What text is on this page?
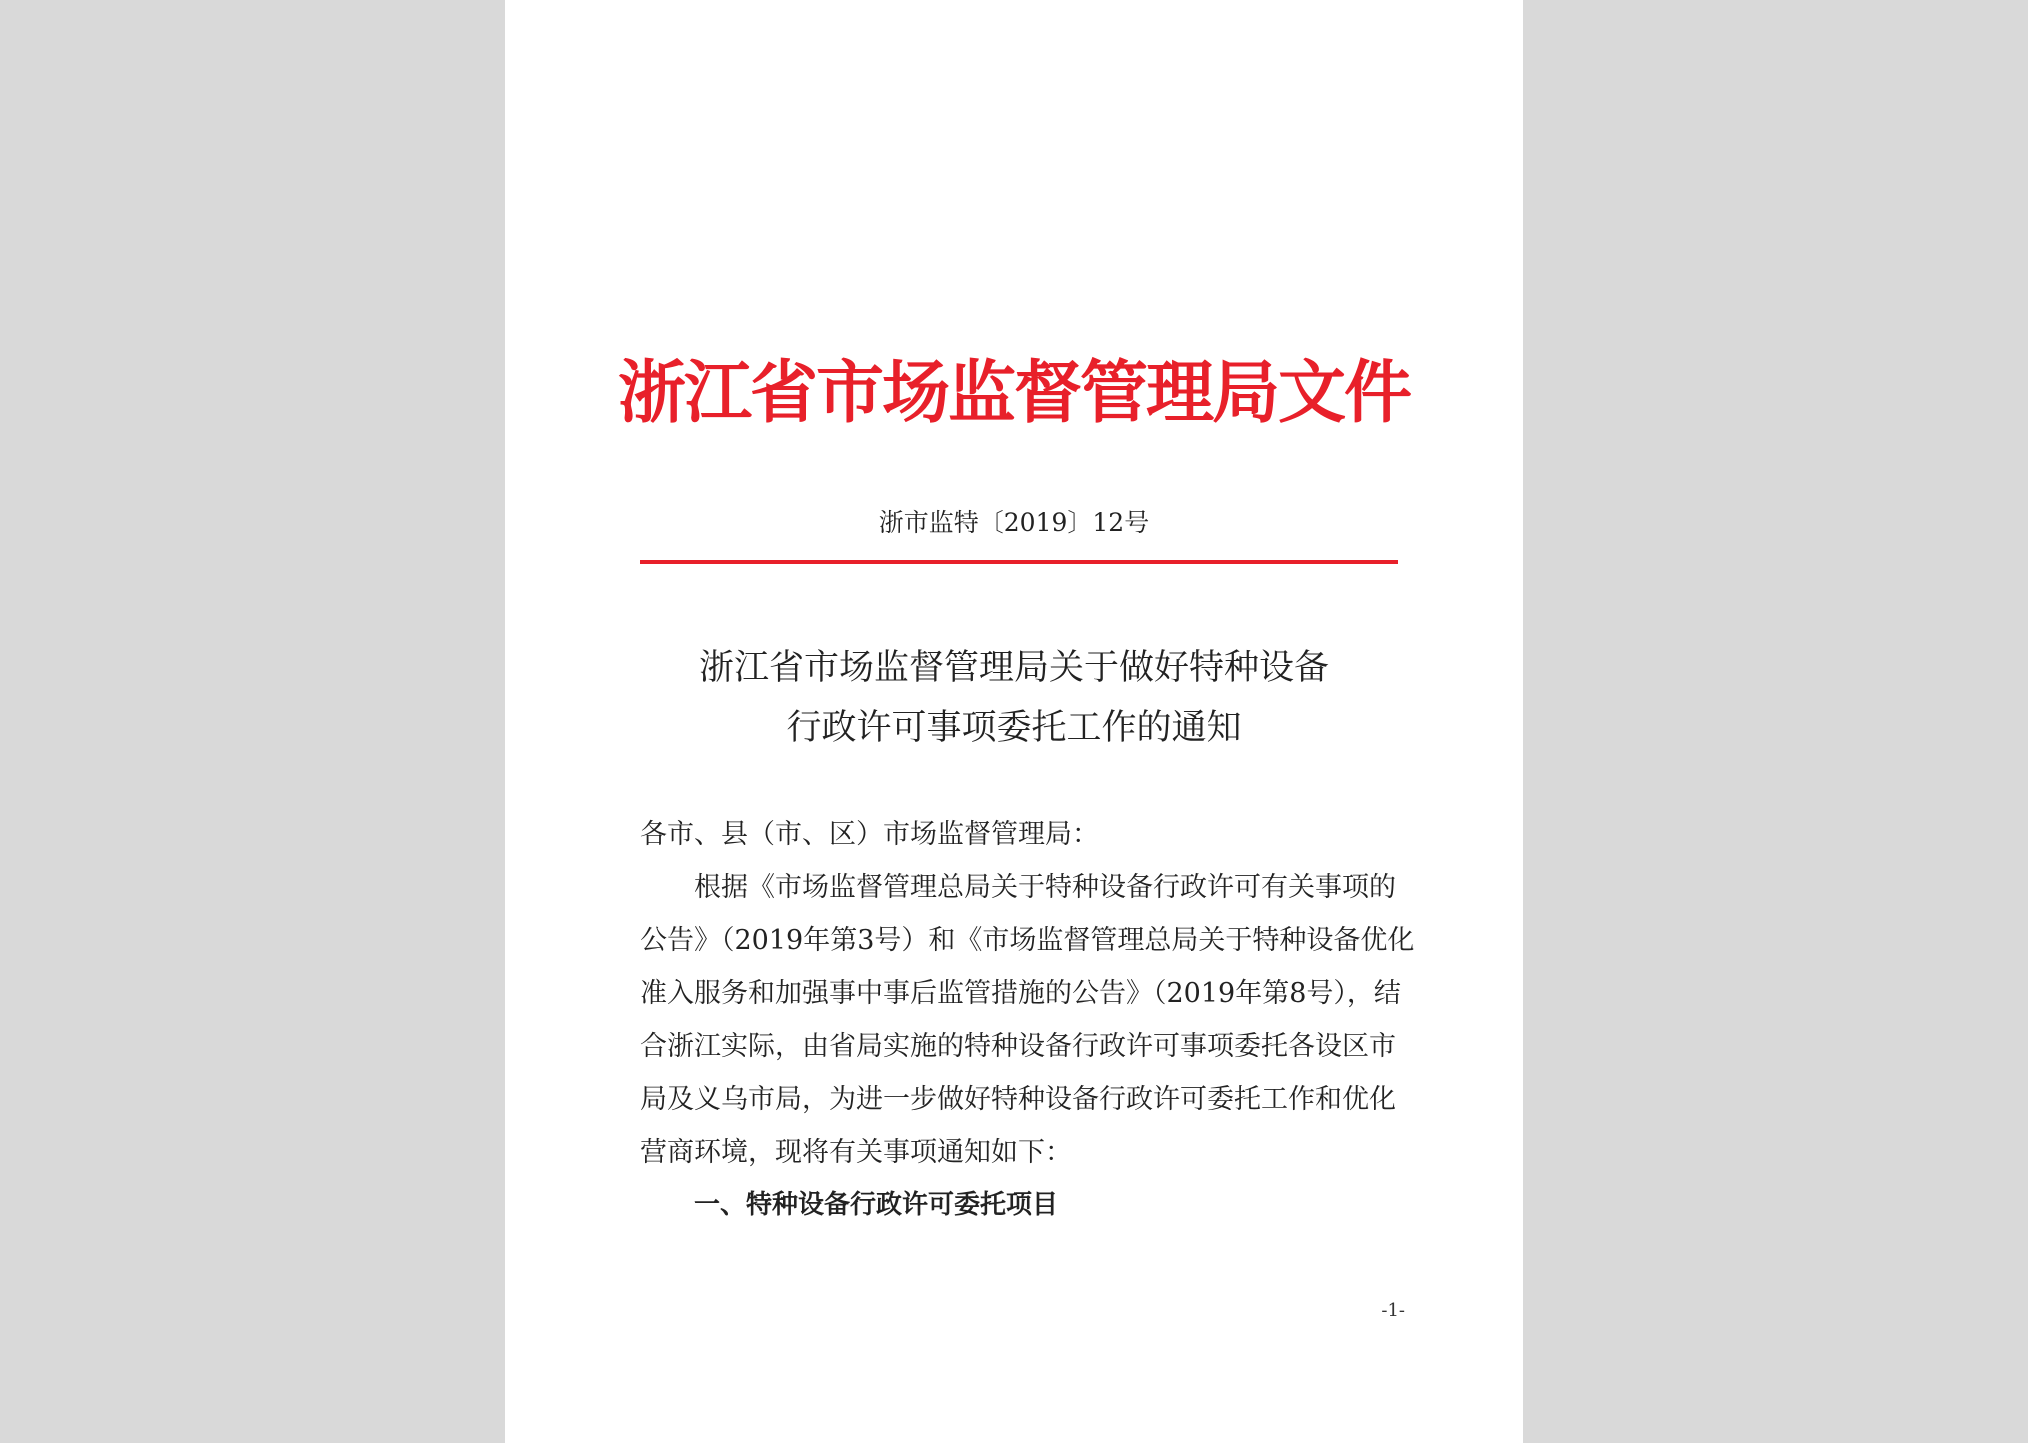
浙江省市场监督管理局文件
浙市监特〔2019〕12号
浙江省市场监督管理局关于做好特种设备
行政许可事项委托工作的通知
各市、县（市、区）市场监督管理局：
根据《市场监督管理总局关于特种设备行政许可有关事项的
公告》（2019年第3号）和《市场监督管理总局关于特种设备优化
准入服务和加强事中事后监管措施的公告》（2019年第8号），结
合浙江实际，由省局实施的特种设备行政许可事项委托各设区市
局及义乌市局，为进一步做好特种设备行政许可委托工作和优化
营商环境，现将有关事项通知如下：
一、特种设备行政许可委托项目
-1-
